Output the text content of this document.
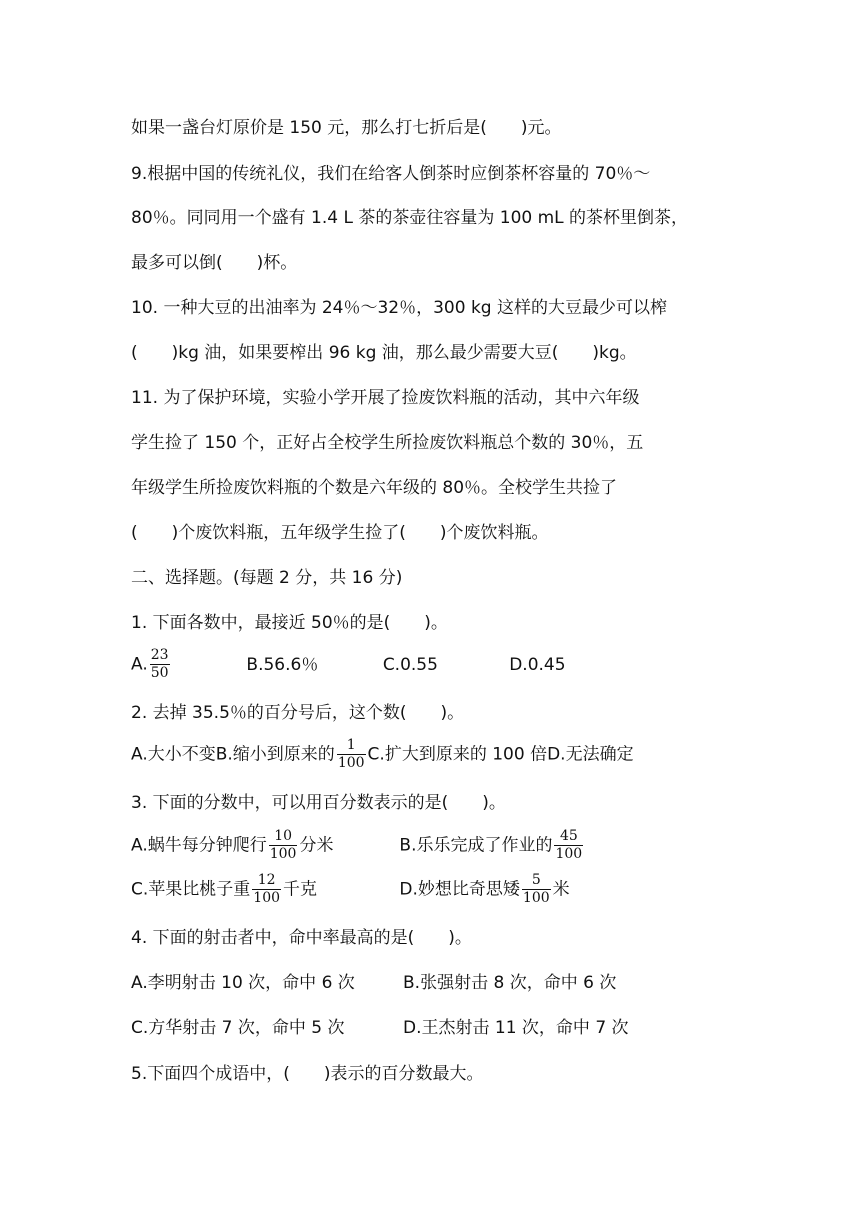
如果一盏台灯原价是 150 元，那么打七折后是(　　)元。
9.根据中国的传统礼仪，我们在给客人倒茶时应倒茶杯容量的 70％～
80％。同同用一个盛有 1.4 L 茶的茶壶往容量为 100 mL 的茶杯里倒茶，
最多可以倒(　　)杯。
10. 一种大豆的出油率为 24％～32％，300 kg 这样的大豆最少可以榨
(　　)kg 油，如果要榨出 96 kg 油，那么最少需要大豆(　　)kg。
11. 为了保护环境，实验小学开展了捡废饮料瓶的活动，其中六年级
学生捡了 150 个，正好占全校学生所捡废饮料瓶总个数的 30％，五
年级学生所捡废饮料瓶的个数是六年级的 80％。全校学生共捡了
(　　)个废饮料瓶，五年级学生捡了(　　)个废饮料瓶。
二、选择题。(每题 2 分，共 16 分)
1. 下面各数中，最接近 50％的是(　　)。
A. $\frac{23}{50}$	B.56.6％	C.0.55	D.0.45
2. 去掉 35.5％的百分号后，这个数(　　)。
A.大小不变B.缩小到原来的 $\frac{1}{100} C$.扩大到原来的 100 倍D.无法确定
3. 下面的分数中，可以用百分数表示的是(　　)。
A.蜗牛每分钟爬行 $\frac{10}{100}$ 分米	B.乐乐完成了作业的 $\frac{45}{100}$
C.苹果比桃子重 $\frac{12}{100}$ 千克	D.妙想比奇思矮 $\frac{5}{100}$ 米
4. 下面的射击者中，命中率最高的是(　　)。
A.李明射击 10 次，命中 6 次	B.张强射击 8 次，命中 6 次
C.方华射击 7 次，命中 5 次	D.王杰射击 11 次，命中 7 次
5.下面四个成语中，(　　)表示的百分数最大。
